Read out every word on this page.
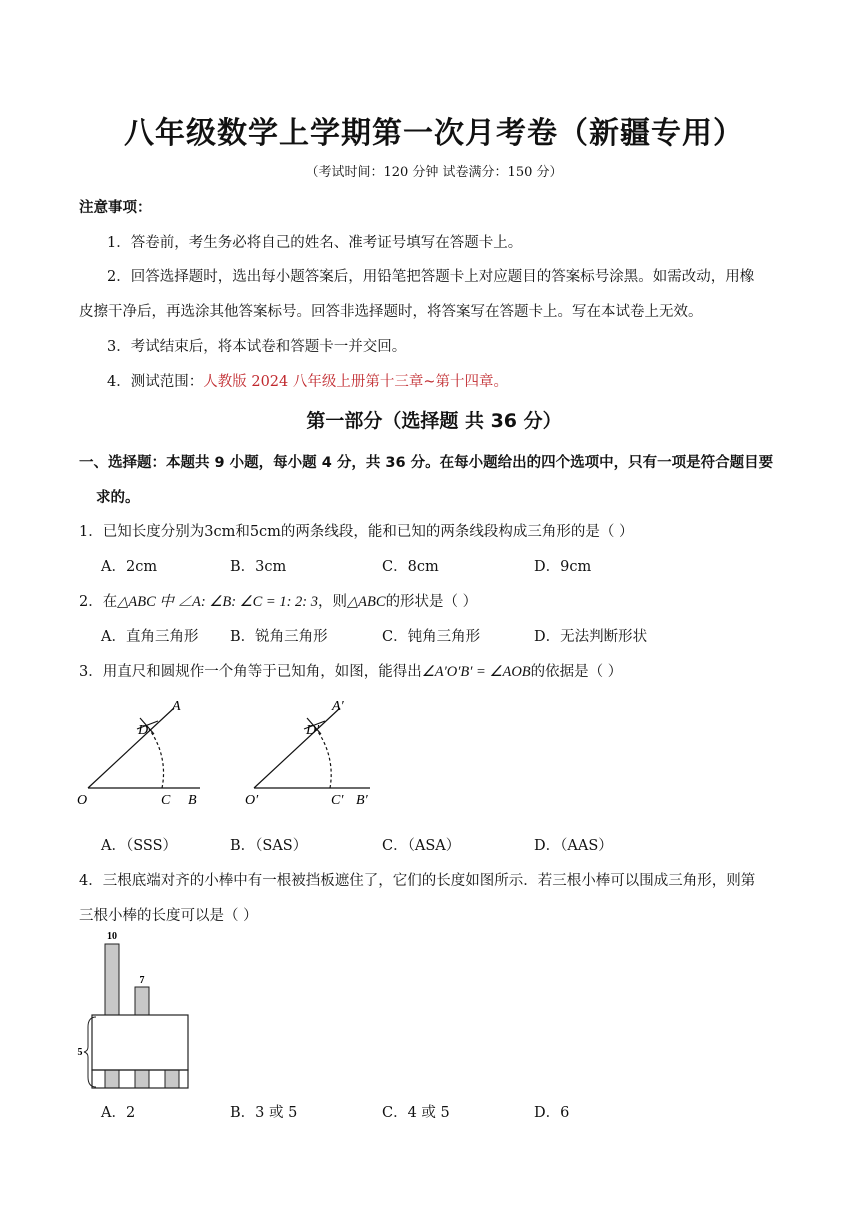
八年级数学上学期第一次月考卷（新疆专用）
（考试时间：120 分钟 试卷满分：150 分）
注意事项：
1．答卷前，考生务必将自己的姓名、准考证号填写在答题卡上。
2．回答选择题时，选出每小题答案后，用铅笔把答题卡上对应题目的答案标号涂黑。如需改动，用橡
皮擦干净后，再选涂其他答案标号。回答非选择题时，将答案写在答题卡上。写在本试卷上无效。
3．考试结束后，将本试卷和答题卡一并交回。
4．测试范围：人教版 2024 八年级上册第十三章~第十四章。
第一部分（选择题 共 36 分）
一、选择题：本题共 9 小题，每小题 4 分，共 36 分。在每小题给出的四个选项中，只有一项是符合题目要
求的。
1．已知长度分别为3cm和5cm的两条线段，能和已知的两条线段构成三角形的是（ ）
A．2cm	B．3cm	C．8cm	D．9cm
2．在△ABC 中 ∠A: ∠B: ∠C = 1: 2: 3，则△ABC的形状是（ ）
A．直角三角形 B．锐角三角形	C．钝角三角形	D．无法判断形状
3．用直尺和圆规作一个角等于已知角，如图，能得出∠A′O′B′ = ∠AOB的依据是（ ）
A
D
O	C B
A′
D′
O′	C′ B′
A．（SSS）	B．（SAS）	C．（ASA）	D．（AAS）
4．三根底端对齐的小棒中有一根被挡板遮住了，它们的长度如图所示．若三根小棒可以围成三角形，则第
三根小棒的长度可以是（ ）
10
7
5
A．2	B．3 或 5	C．4 或 5	D．6
